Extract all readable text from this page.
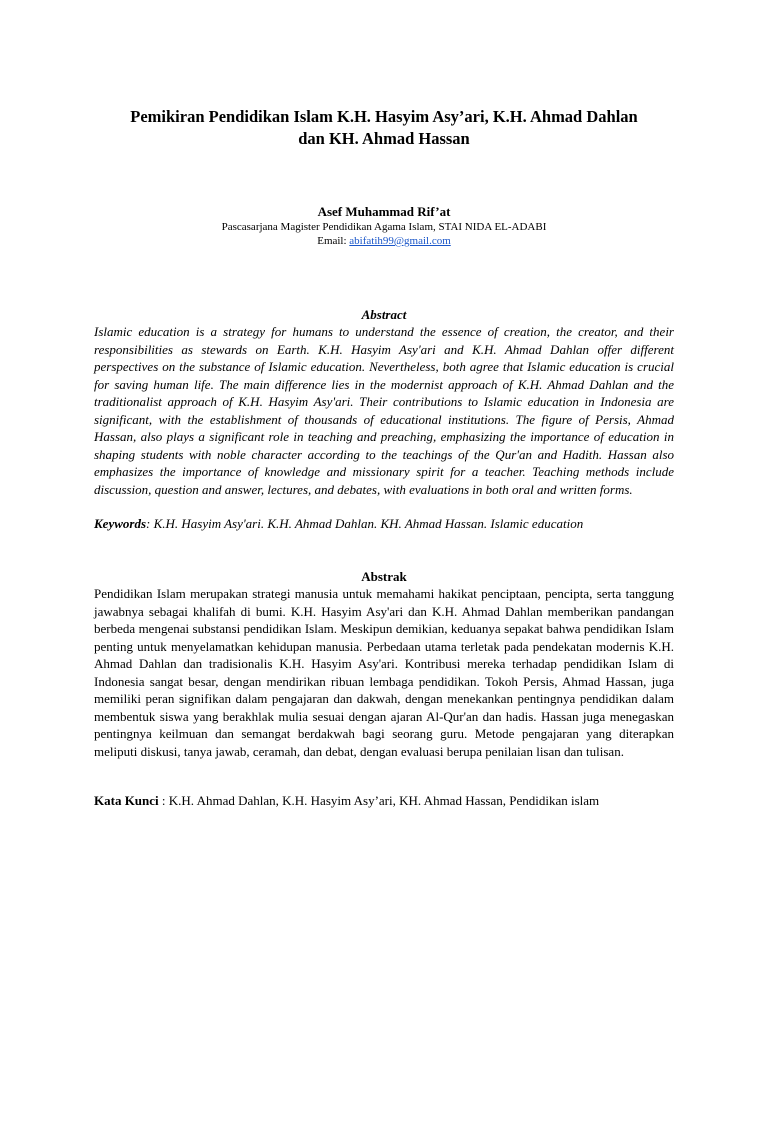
Pemikiran Pendidikan Islam K.H. Hasyim Asy’ari, K.H. Ahmad Dahlan
dan KH. Ahmad Hassan
Asef Muhammad Rif’at
Pascasarjana Magister Pendidikan Agama Islam, STAI NIDA EL-ADABI
Email: abifatih99@gmail.com
Abstract

Islamic education is a strategy for humans to understand the essence of creation, the creator, and their responsibilities as stewards on Earth. K.H. Hasyim Asy'ari and K.H. Ahmad Dahlan offer different perspectives on the substance of Islamic education. Nevertheless, both agree that Islamic education is crucial for saving human life. The main difference lies in the modernist approach of K.H. Ahmad Dahlan and the traditionalist approach of K.H. Hasyim Asy'ari. Their contributions to Islamic education in Indonesia are significant, with the establishment of thousands of educational institutions. The figure of Persis, Ahmad Hassan, also plays a significant role in teaching and preaching, emphasizing the importance of education in shaping students with noble character according to the teachings of the Qur'an and Hadith. Hassan also emphasizes the importance of knowledge and missionary spirit for a teacher. Teaching methods include discussion, question and answer, lectures, and debates, with evaluations in both oral and written forms.

Keywords: K.H. Hasyim Asy'ari. K.H. Ahmad Dahlan. KH. Ahmad Hassan. Islamic education
Abstrak

Pendidikan Islam merupakan strategi manusia untuk memahami hakikat penciptaan, pencipta, serta tanggung jawabnya sebagai khalifah di bumi. K.H. Hasyim Asy'ari dan K.H. Ahmad Dahlan memberikan pandangan berbeda mengenai substansi pendidikan Islam. Meskipun demikian, keduanya sepakat bahwa pendidikan Islam penting untuk menyelamatkan kehidupan manusia. Perbedaan utama terletak pada pendekatan modernis K.H. Ahmad Dahlan dan tradisionalis K.H. Hasyim Asy'ari. Kontribusi mereka terhadap pendidikan Islam di Indonesia sangat besar, dengan mendirikan ribuan lembaga pendidikan. Tokoh Persis, Ahmad Hassan, juga memiliki peran signifikan dalam pengajaran dan dakwah, dengan menekankan pentingnya pendidikan dalam membentuk siswa yang berakhlak mulia sesuai dengan ajaran Al-Qur'an dan hadis. Hassan juga menegaskan pentingnya keilmuan dan semangat berdakwah bagi seorang guru. Metode pengajaran yang diterapkan meliputi diskusi, tanya jawab, ceramah, dan debat, dengan evaluasi berupa penilaian lisan dan tulisan.

Kata Kunci : K.H. Ahmad Dahlan, K.H. Hasyim Asy’ari, KH. Ahmad Hassan, Pendidikan islam
